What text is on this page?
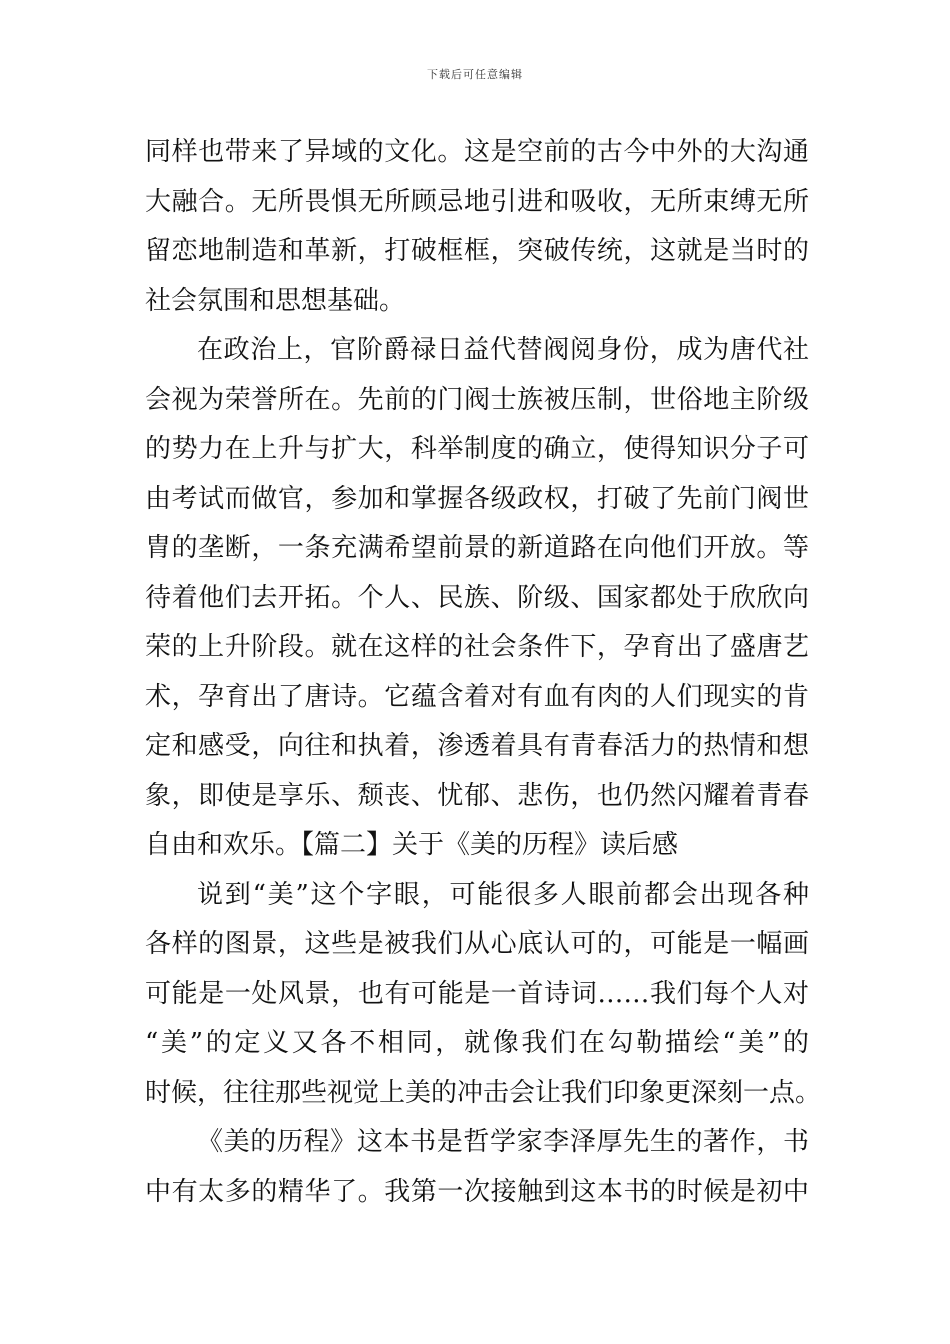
下载后可任意编辑
同样也带来了异域的文化。这是空前的古今中外的大沟通
大融合。无所畏惧无所顾忌地引进和吸收，无所束缚无所
留恋地制造和革新，打破框框，突破传统，这就是当时的
社会氛围和思想基础。
在政治上，官阶爵禄日益代替阀阅身份，成为唐代社
会视为荣誉所在。先前的门阀士族被压制，世俗地主阶级
的势力在上升与扩大，科举制度的确立，使得知识分子可
由考试而做官，参加和掌握各级政权，打破了先前门阀世
胄的垄断，一条充满希望前景的新道路在向他们开放。等
待着他们去开拓。个人、民族、阶级、国家都处于欣欣向
荣的上升阶段。就在这样的社会条件下，孕育出了盛唐艺
术，孕育出了唐诗。它蕴含着对有血有肉的人们现实的肯
定和感受，向往和执着，渗透着具有青春活力的热情和想
象，即使是享乐、颓丧、忧郁、悲伤，也仍然闪耀着青春
自由和欢乐。【篇二】关于《美的历程》读后感
说到“美”这个字眼，可能很多人眼前都会出现各种
各样的图景，这些是被我们从心底认可的，可能是一幅画
可能是一处风景，也有可能是一首诗词……我们每个人对
“美”的定义又各不相同，就像我们在勾勒描绘“美”的
时候，往往那些视觉上美的冲击会让我们印象更深刻一点。
《美的历程》这本书是哲学家李泽厚先生的著作，书
中有太多的精华了。我第一次接触到这本书的时候是初中
